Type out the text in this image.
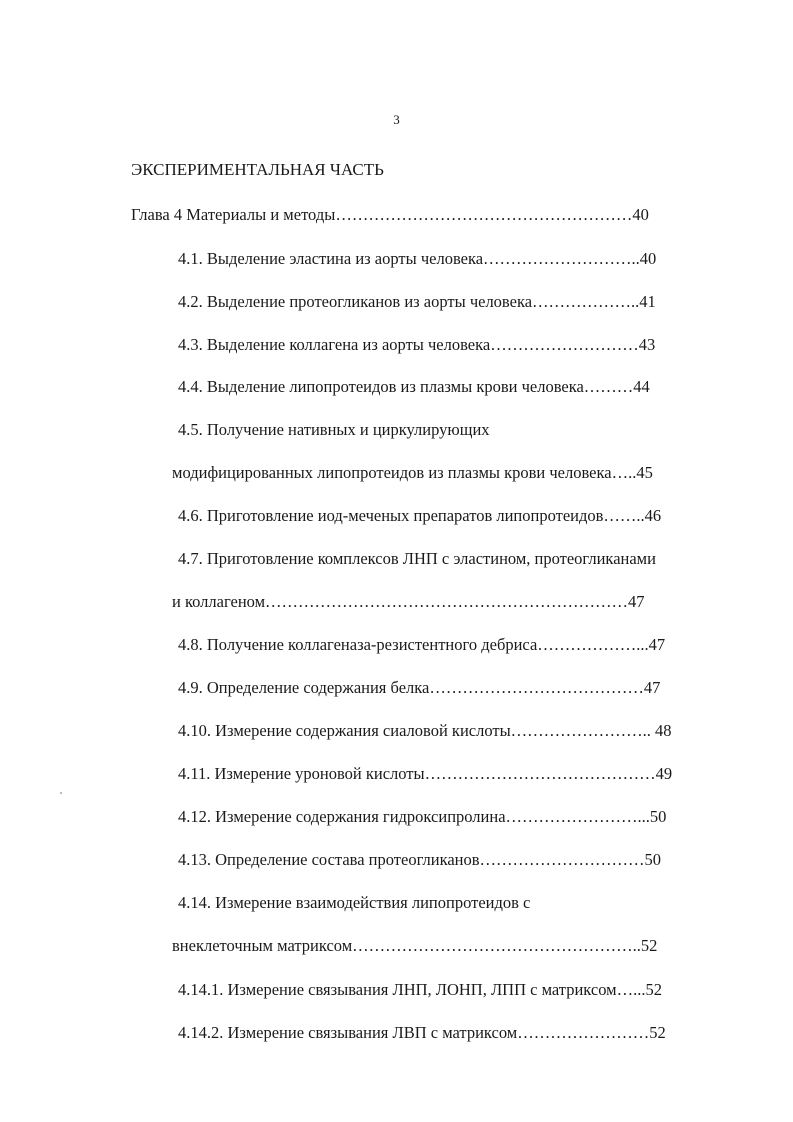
3
ЭКСПЕРИМЕНТАЛЬНАЯ ЧАСТЬ
Глава 4 Материалы и методы………………………………………………40
4.1. Выделение эластина из аорты человека………………………..40
4.2. Выделение протеогликанов из аорты человека………………..41
4.3. Выделение коллагена из аорты человека………………………43
4.4. Выделение липопротеидов из плазмы крови человека………44
4.5. Получение нативных и циркулирующих
модифицированных липопротеидов из плазмы крови человека…..45
4.6. Приготовление иод-меченых препаратов липопротеидов……..46
4.7. Приготовление комплексов ЛНП с эластином, протеогликанами
и коллагеном…………………………………………………………47
4.8. Получение коллагеназа-резистентного дебриса………………...47
4.9. Определение содержания белка…………………………………47
4.10. Измерение содержания сиаловой кислоты…………………….. 48
4.11. Измерение уроновой кислоты……………………………………49
4.12. Измерение содержания гидроксипролина……………………...50
4.13. Определение состава протеогликанов…………………………50
4.14. Измерение взаимодействия липопротеидов с
внеклеточным матриксом……………………………………………..52
4.14.1. Измерение связывания ЛНП, ЛОНП, ЛПП с матриксом…...52
4.14.2. Измерение связывания ЛВП с матриксом……………………52
